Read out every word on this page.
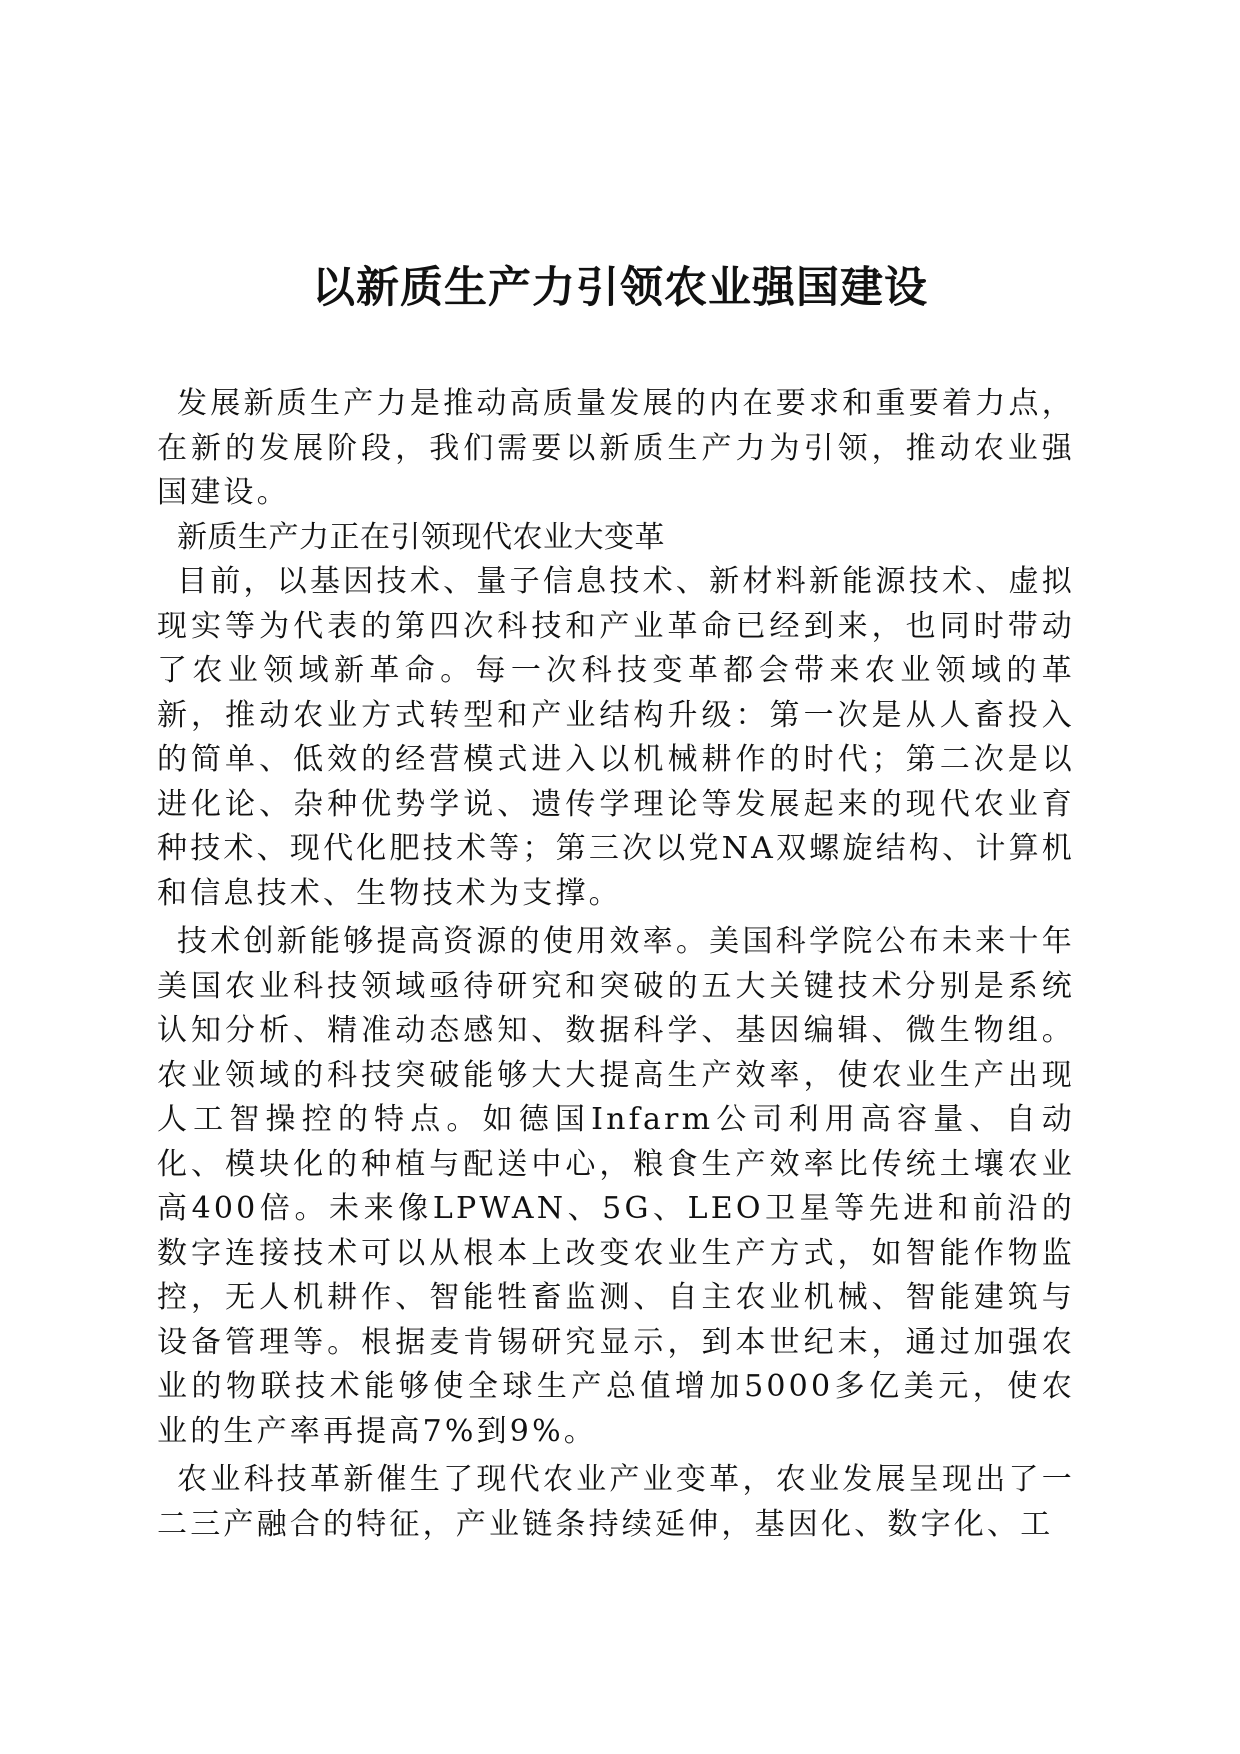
以新质生产力引领农业强国建设

发展新质生产力是推动高质量发展的内在要求和重要着力点，在新的发展阶段，我们需要以新质生产力为引领，推动农业强国建设。

新质生产力正在引领现代农业大变革

目前，以基因技术、量子信息技术、新材料新能源技术、虚拟现实等为代表的第四次科技和产业革命已经到来，也同时带动了农业领域新革命。每一次科技变革都会带来农业领域的革新，推动农业方式转型和产业结构升级：第一次是从人畜投入的简单、低效的经营模式进入以机械耕作的时代；第二次是以进化论、杂种优势学说、遗传学理论等发展起来的现代农业育种技术、现代化肥技术等；第三次以党NA双螺旋结构、计算机和信息技术、生物技术为支撑。

技术创新能够提高资源的使用效率。美国科学院公布未来十年美国农业科技领域亟待研究和突破的五大关键技术分别是系统认知分析、精准动态感知、数据科学、基因编辑、微生物组。农业领域的科技突破能够大大提高生产效率，使农业生产出现人工智操控的特点。如德国Infarm公司利用高容量、自动化、模块化的种植与配送中心，粮食生产效率比传统土壤农业高400倍。未来像LPWAN、5G、LEO卫星等先进和前沿的数字连接技术可以从根本上改变农业生产方式，如智能作物监控，无人机耕作、智能牲畜监测、自主农业机械、智能建筑与设备管理等。根据麦肯锡研究显示，到本世纪末，通过加强农业的物联技术能够使全球生产总值增加5000多亿美元，使农业的生产率再提高7%到9%。

农业科技革新催生了现代农业产业变革，农业发展呈现出了一二三产融合的特征，产业链条持续延伸，基因化、数字化、工
